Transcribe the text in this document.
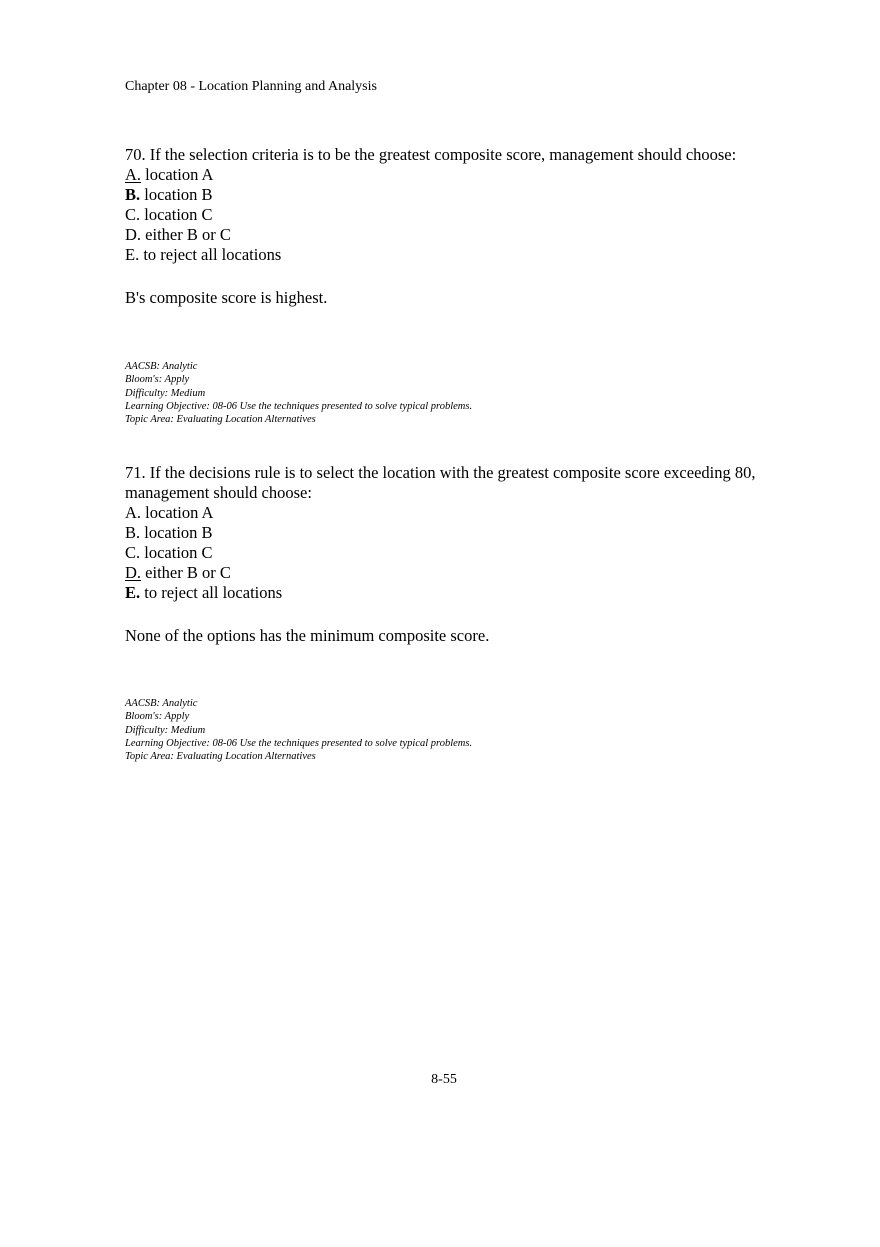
Chapter 08 - Location Planning and Analysis

70. If the selection criteria is to be the greatest composite score, management should choose:

A. location A
B. location B
C. location C
D. either B or C
E. to reject all locations

B's composite score is highest.

AACSB: Analytic
Bloom's: Apply
Difficulty: Medium
Learning Objective: 08-06 Use the techniques presented to solve typical problems.
Topic Area: Evaluating Location Alternatives

71. If the decisions rule is to select the location with the greatest composite score exceeding 80, management should choose:

A. location A
B. location B
C. location C
D. either B or C
E. to reject all locations

None of the options has the minimum composite score.

AACSB: Analytic
Bloom's: Apply
Difficulty: Medium
Learning Objective: 08-06 Use the techniques presented to solve typical problems.
Topic Area: Evaluating Location Alternatives
8-55
